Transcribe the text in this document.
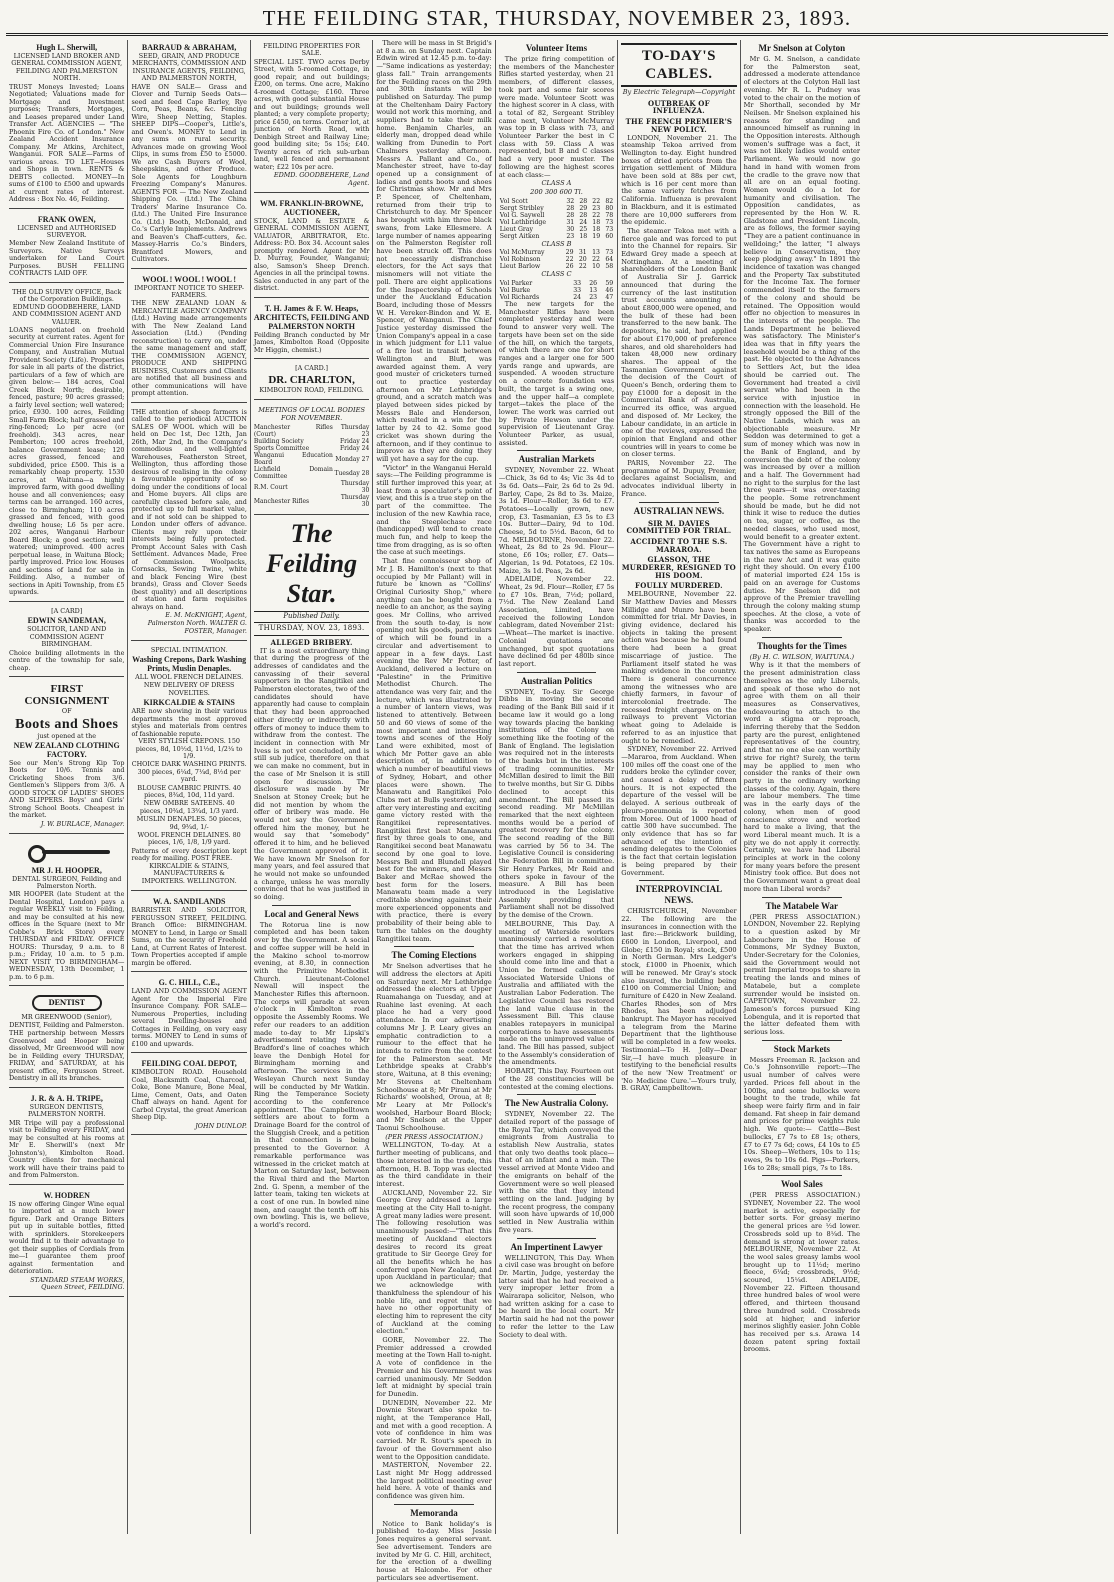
THE FEILDING STAR, THURSDAY, NOVEMBER 23, 1893.
Hugh L. Sherwill,
LICENSED LAND BROKER AND GENERAL COMMISSION AGENT, FEILDING AND PALMERSTON NORTH.
TRUST Moneys Invested; Loans Negotiated; Valuations made for Mortgage and Investment purposes; Transfers, Mortgages, and Leases prepared under Land Transfer Act. AGENCIES — "The Phoenix Fire Co. of London." New Zealand Accident Insurance Company. Mr Atkins, Architect, Wanganui. FOR SALE—Farms of various areas. TO LET—Houses and Shops in town. RENTS & DEBTS collected. MONEY—In sums of £100 to £500 and upwards at current rates of interest. Address : Box No. 46, Feilding.
FRANK OWEN,
LICENSED and AUTHORISED SURVEYOR.
Member New Zealand Institute of Surveyors. Native Surveys undertaken for Land Court Purposes. BUSH FELLING CONTRACTS LAID OFF.
THE OLD SURVEY OFFICE, Back of the Corporation Buildings. EDMUND GOODBEHERE, LAND AND COMMISSION AGENT AND VALUER.
LOANS negotiated on freehold security at current rates. Agent for Commercial Union Fire Insurance Company, and Australian Mutual Provident Society (Life). Properties for sale in all parts of the district, particulars of a few of which are given below:— 184 acres, Coal Creek Block North; desirable, fenced, pasture; 90 acres grassed; a fairly level section; well watered; price, £930. 100 acres, Feilding Small Farm Block; half grassed and ring-fenced; Lo per acre (or freehold). 343 acres, near Pemberton; 100 acres freehold, balance Government lease; 120 acres grassed, fenced and subdivided, price £500. This is a remarkably cheap property. 1530 acres, at Waituna—a highly improved farm, with good dwelling house and all conveniences; easy terms can be arranged. 160 acres, close to Birmingham; 110 acres grassed and fenced, with good dwelling house; L6 5s per acre. 202 acres, Wanganui Harbour Board Block; a good section; well watered; unimproved. 400 acres perpetual lease, in Waituna Block; partly improved. Price low. Houses and sections of land for sale in Feilding. Also, a number of sections in Apiti Township, from £5 upwards.
[A CARD]
EDWIN SANDEMAN,
SOLICITOR, LAND AND COMMISSION AGENT BIRMINGHAM.
Choice building allotments in the centre of the township for sale, cheap.
FIRST CONSIGNMENT
OF
Boots and Shoes
just opened at the
NEW ZEALAND CLOTHING FACTORY.
See our Men's Strong Kip Top Boots for 10/6. Tennis and Cricketing Shoes from 3/6. Gentlemen's Slippers from 3/6. A GOOD STOCK OF LADIES' SHOES AND SLIPPERS. Boys' and Girls' Strong School Boots. Cheapest in the market.
J. W. BURLACE, Manager.
MR J. H. HOOPER,
DENTAL SURGEON, Feilding and Palmerston North.
MR HOOPER (late Student at the Dental Hospital, London) pays a regular WEEKLY visit to Feilding, and may be consulted at his new offices in the Square (next to Mr Cobbe's Brick Store) every THURSDAY and FRIDAY. OFFICE HOURS: Thursday, 9 a.m. to 8 p.m.; Friday, 10 a.m. to 5 p.m. NEXT VISIT TO BIRMINGHAM— WEDNESDAY, 13th December, 1 p.m. to 6 p.m.
DENTIST
MR GREENWOOD (Senior), DENTIST, Feilding and Palmerston.
THE partnership between Messrs Greenwood and Hooper being dissolved, Mr Greenwood will now be in Feilding every THURSDAY, FRIDAY, and SATURDAY, at his present office, Fergusson Street. Dentistry in all its branches.
J. R. & A. H. TRIPE,
SURGEON DENTISTS, PALMERSTON NORTH.
MR Tripe will pay a professional visit to Feilding every FRIDAY, and may be consulted at his rooms at Mr E. Sherwill's (next Mr Johnston's), Kimbolton Road. Country clients for mechanical work will have their trains paid to and from Palmerston.
W. HODREN
IS now offering Ginger Wine equal to imported at a much lower figure. Dark and Orange Bitters put up in suitable bottles, fitted with sprinklers. Storekeepers would find it to their advantage to get their supplies of Cordials from me—I guarantee them proof against fermentation and deterioration.
STANDARD STEAM WORKS, Queen Street, FEILDING.
BARRAUD & ABRAHAM,
SEED, GRAIN, AND PRODUCE MERCHANTS, COMMISSION AND INSURANCE AGENTS, FEILDING, AND PALMERSTON NORTH,
HAVE ON SALE— Grass and Clover and Turnip Seeds Oats—seed and feed Cape Barley, Rye Corn, Peas, Beans, &c. Fencing Wire, Sheep Netting, Staples. SHEEP DIPS—Cooper's, Little's, and Owen's. MONEY to Lend in any sums on rural security. Advances made on growing Wool Clips, in sums from £50 to £5000. We are Cash Buyers of Wool, Sheepskins, and other Produce. Sole Agents for Loughburn Freezing Company's Manures. AGENTS FOR — The New Zealand Shipping Co. (Ltd.) The China Traders' Marine Insurance Co. (Ltd.) The United Fire Insurance Co. (Ltd.) Booth, McDonald, and Co.'s Carlyle Implements. Andrews and Beaven's Chaff-cutters, &c. Massey-Harris Co.'s Binders, Brantford Mowers, and Cultivators.
WOOL ! WOOL ! WOOL !
IMPORTANT NOTICE TO SHEEP-FARMERS.
THE NEW ZEALAND LOAN & MERCANTILE AGENCY COMPANY (Ltd.) Having made arrangements with The New Zealand Land Association (Ltd.) (Pending reconstruction) to carry on, under the same management and staff, THE COMMISSION AGENCY, PRODUCE AND SHIPPING BUSINESS, Customers and Clients are notified that all business and other communications will have prompt attention.
THE attention of sheep farmers is called to the periodical AUCTION SALES OF WOOL which will be held on Dec 1st, Dec 12th, Jan 26th, Mar 2nd, In the Company's commodious and well-lighted Warehouses, Featherston Street, Wellington, thus affording those desirous of realising in the colony a favourable opportunity of so doing under the conditions of local and Home buyers. All clips are carefully classed before sale, and protected up to full market value, and if not sold can be shipped to London under offers of advance. Clients may rely upon their interests being fully protected. Prompt Account Sales with Cash Settlement. Advances Made, Free of Commission. Woolpacks, Cornsacks, Sewing Twine, white and black Fencing Wire (best brands), Grass and Clover Seeds (best quality) and all descriptions of station and farm requisites always on hand.
E. M. McKNIGHT, Agent, Palmerston North. WALTER G. FOSTER, Manager.
SPECIAL INTIMATION.
Washing Crepons, Dark Washing Prints, Muslin Denaples.
ALL WOOL FRENCH DELAINES.
NEW DELIVERY OF DRESS NOVELTIES.
KIRKCALDIE & STAINS
ARE now showing in their various departments the most approved styles and materials from centres of fashionable repute.
VERY STYLISH CREPONS. 150 pieces, 8d, 10½d, 11½d, 1/2¼ to 1/9.
CHOICE DARK WASHING PRINTS. 300 pieces, 6¼d, 7¼d, 8½d per yard.
BLOUSE CAMBRIC PRINTS. 40 pieces, 8¾d, 10d, 11d yard.
NEW OMBRE SATEENS. 40 pieces, 10¾d, 13¾d, 1/3 yard.
MUSLIN DENAPLES. 50 pieces, 9d, 9¾d, 1/-
WOOL FRENCH DELAINES. 80 pieces, 1/6, 1/8, 1/9 yard.
Patterns of every description kept ready for mailing. POST FREE.
KIRKCALDIE & STAINS, MANUFACTURERS & IMPORTERS. WELLINGTON.
W. A. SANDILANDS
BARRISTER AND SOLICITOR, FERGUSSON STREET, FEILDING. Branch Office: BIRMINGHAM. MONEY to Lend, in Large or Small Sums, on the security of Freehold Land, at Current Rates of Interest. Town Properties accepted if ample margin be offered.
G. C. HILL, C.E.,
LAND AND COMMISSION AGENT Agent for the Imperial Fire Insurance Company. FOR SALE—Numerous Properties, including several Dwelling-houses and Cottages in Feilding, on very easy terms. MONEY to Lend in sums of £100 and upwards.
FEILDING COAL DEPOT,
KIMBOLTON ROAD. Household Coal, Blacksmith Coal, Charcoal, Coke, Bone Manure, Bone Meal, Lime, Cement, Oats, and Oaten Chaff always on hand. Agent for Carbol Crystal, the great American Sheep Dip.
JOHN DUNLOP.
FEILDING PROPERTIES FOR SALE.
SPECIAL LIST. TWO acres Derby Street, with 5-roomed Cottage, in good repair, and out buildings; £200, on terms. One acre, Makino 4-roomed Cottage; £160. Three acres, with good substantial House and out buildings; grounds well planted; a very complete property; price £450, on terms. Corner lot, at junction of North Road, with Denbigh Street and Railway Line; good building site; 5s 15s; £40. Twenty acres of rich sub-urban land, well fenced and permanent water; £22 10s per acre.
EDMD. GOODBEHERE, Land Agent.
WM. FRANKLIN-BROWNE, AUCTIONEER,
STOCK, LAND & ESTATE & GENERAL COMMISSION AGENT, VALUATOR, ARBITRATOR, Etc. Address: P.O. Box 34. Account sales promptly rendered. Agent for Mr D. Murray, Founder, Wanganui; also, Samson's Sheep Drench. Agencies in all the principal towns. Sales conducted in any part of the district.
T. H. James & F. W. Heaps, ARCHITECTS, FEILDING AND PALMERSTON NORTH
Feilding Branch conducted by Mr James, Kimbolton Road (Opposite Mr Higgin, chemist.)
[A CARD.]
DR. CHARLTON,
KIMBOLTON ROAD, FEILDING.
MEETINGS OF LOCAL BODIES FOR NOVEMBER.
Manchester Rifles (Court)	Thursday 23
Building Society	Friday 24
Sports Committee	Friday 24
Wanganui Education Board	Monday 27
Lichfield Domain Committee	Tuesday 28
R.M. Court	Thursday 30
Manchester Rifles	Thursday 30
The Feilding Star.
Published Daily.
THURSDAY, NOV. 23, 1893.
ALLEGED BRIBERY.

IT is a most extraordinary thing that during the progress of the addresses of candidates and the canvassing of their several supporters in the Rangitikei and Palmerston electorates, two of the candidates should have apparently had cause to complain that they had been approached either directly or indirectly with offers of money to induce them to withdraw from the contest. The incident in connection with Mr Ivess is not yet concluded, and is still sub judice, therefore on that we can make no comment, but in the case of Mr Snelson it is still open for discussion. The disclosure was made by Mr Snelson at Stoney Creek; but he did not mention by whom the offer of bribery was made. He would not say the Government offered him the money, but he would say that "somebody" offered it to him, and he believed the Government approved of it. We have known Mr Snelson for many years, and feel assured that he would not make so unfounded a charge, unless he was morally convinced that he was justified in so doing.

Local and General News

The Rotorua line is now completed and has been taken over by the Government. A social and coffee supper will be held in the Makino school to-morrow evening, at 8.30, in connection with the Primitive Methodist Church. Lieutenant-Colonel Newall will inspect the Manchester Rifles this afternoon. The corps will parade at seven o'clock in Kimbolton road opposite the Assembly Rooms. We refer our readers to an addition made to-day to Mr Lipski's advertisement relating to Mr Bradford's line of coaches which leave the Denbigh Hotel for Birmingham morning and afternoon. The services in the Wesleyan Church next Sunday will be conducted by Mr Watkin. Ring the Temperance Society according to the conference appointment. The Campbelltown settlers are about to form a Drainage Board for the control of the Sluggish Creek, and a petition in that connection is being presented to the Governor. A remarkable performance was witnessed in the cricket match at Marton on Saturday last, between the Rival third and the Marton 2nd. G. Spenn, a member of the latter team, taking ten wickets at a cost of one run. In bowled nine men, and caught the tenth off his own bowling. This is, we believe, a world's record.

There will be mass in St Brigid's at 8 a.m. on Sunday next. Captain Edwin wired at 12.45 p.m. to-day:—"Same indications as yesterday; glass fall." Train arrangements for the Feilding races on the 29th and 30th instants will be published on Saturday. The pump at the Cheltenham Dairy Factory would not work this morning, and suppliers had to take their milk home. Benjamin Charles, an elderly man, dropped dead while walking from Dunedin to Port Chalmers yesterday afternoon. Messrs A. Pallant and Co., of Manchester street, have to-day opened up a consignment of ladies and gents boots and shoes for Christmas show. Mr and Mrs P. Spencer, of Cheltenham, returned from their trip to Christchurch to day. Mr Spencer has brought with him three black swans, from Lake Ellesmere. A large number of names appearing on the Palmerston Register roll have been struck off. This does not necessarily disfranchise electors, for the Act says that misnomers will not vitiate the poll. There are eight applications for the Inspectorship of Schools under the Auckland Education Board, including those of Messrs W. H. Vereker-Bindon and W. E. Spencer, of Wanganui. The Chief Justice yesterday dismissed the Union Company's appeal in a case in which judgment for L11 value of a fire lost in transit between Wellington and Bluff, was awarded against them. A very good muster of cricketers turned out to practice yesterday afternoon on Mr Lethbridge's ground, and a scratch match was played between sides picked by Messrs Bale and Henderson, which resulted in a win for the latter by 24 to 42. Some good cricket was shown during the afternoon, and if they continue to improve as they are doing they will yet have a say for the cup.

"Victor" in the Wanganui Herald says:—The Feilding programme is still further improved this year, at least from a speculator's point of view, and this is a true step on the part of the committee. The inclusion of the new Kawhia race, and the Steeplechase race (handicapped) will tend to create much fun, and help to keep the time from dragging, as is so often the case at such meetings.

That fine connoisseur shop of Mr J. B. Hamilton's (next to that occupied by Mr Pallant) will in future be known as "Collins' Original Curiosity Shop," where anything can be bought from a needle to an anchor, as the saying goes. Mr Collins, who arrived from the south to-day, is now opening out his goods, particulars of which will be found in a circular and advertisement to appear in a few days. Last evening the Rev Mr Potter, of Auckland, delivered a lecture on "Palestine" in the Primitive Methodist Church. The attendance was very fair, and the lecture, which was illustrated by a number of lantern views, was listened to attentively. Between 50 and 60 views of some of the most important and interesting towns and scenes of the Holy Land were exhibited, most of which Mr Potter gave an able description of, in addition to which a number of beautiful views of Sydney, Hobart, and other places were shown. The Manawatu and Rangitikei Polo Clubs met at Bulls yesterday, and after very interesting and exciting game victory rested with the Rangitikei representatives. Rangitikei first beat Manawatu first by three goals to one, and Rangitikei second beat Manawatu second by one goal to love. Messrs Bell and Blundell played best for the winners, and Messrs Baker and McRae showed the best form for the losers. Manawatu team made a very creditable showing against their more experienced opponents and with practice, there is every probability of their being able to turn the tables on the doughty Rangitikei team.

The Coming Elections

Mr Snelson advertises that he will address the electors at Apiti on Saturday next. Mr Lethbridge addressed the electors at Upper Ruamahanga on Tuesday, and at Ruahine last evening. At each place he had a very good attendance. In our advertising columns Mr J. P. Leary gives an emphatic contradiction to a rumour to the effect that he intends to retire from the contest for the Palmerston seat. Mr Lethbridge speaks at Crabb's store, Waituna, at 8 this evening; Mr Stevens at Cheltenham Schoolhouse at 8; Mr Pirani at Mr Richards' woolshed, Oroua, at 8; Mr Leary at Mr Pollock's woolshed, Harbour Board Block; and Mr Snelson at the Upper Taonui Schoolhouse.

(PER PRESS ASSOCIATION.)

WELLINGTON, To-day. At a further meeting of publicans, and those interested in the trade, this afternoon, H. B. Topp was elected as the third candidate in their interest.

AUCKLAND, November 22. Sir George Grey addressed a large meeting at the City Hall to-night. A great many ladies were present. The following resolution was unanimously passed:—"That this meeting of Auckland electors desires to record its great gratitude to Sir George Grey for all the benefits which he has conferred upon New Zealand, and upon Auckland in particular; that we acknowledge with thankfulness the splendour of his noble life, and regret that we have no other opportunity of electing him to represent the city of Auckland at the coming election."

GORE, November 22. The Premier addressed a crowded meeting at the Town Hall to-night. A vote of confidence in the Premier and his Government was carried unanimously. Mr Seddon left at midnight by special train for Dunedin.

DUNEDIN, November 22. Mr Downie Stewart also spoke to-night, at the Temperance Hall, and met with a good reception. A vote of confidence in him was carried. Mr R. Stout's speech in favour of the Government also went to the Opposition candidate.

MASTERTON, November 22. Last night Mr Hogg addressed the largest political meeting ever held here. A vote of thanks and confidence was given him.

Memoranda

Notice to Bank holiday's is published to-day. Miss Jessie Jones requires a general servant. See advertisement. Tenders are invited by Mr G. C. Hill, architect, for the erection of a dwelling house at Halcombe. For other particulars see advertisement.

Volunteer Items

The prize firing competition of the members of the Manchester Rifles started yesterday, when 21 members, of different classes, took part and some fair scores were made. Volunteer Scott was the highest scorer in A class, with a total of 82, Sergeant Stribley came next, Volunteer McMurray was top in B class with 73, and Volunteer Parker the best in C class with 59. Class A was represented, but B and C classes had a very poor muster. The following are the highest scores at each class:—

CLASS A
200 300 600 Tl.
Vol Scott	32	28	22	82
Sergt Stribley	28	29	23	80
Vol G. Saywell	28	28	22	78
Vol Lethbridge	31	24	18	73
Lieut Gray	30	25	18	73
Sergt Aitken	23	18	19	60
CLASS B
Vol McMurray	29	31	13	73
Vol Robinson	22	20	22	64
Lieut Barlow	26	22	10	58
CLASS C
Vol Parker	33	26	59
Vol Burke	33	13	46
Vol Richards	24	23	47

The new targets for the Manchester Rifles have been completed yesterday and were found to answer very well. The targets have been set on the side of the hill, on which the targets, of which there are one for short ranges and a larger one for 500 yards range and upwards, are suspended. A wooden structure on a concrete foundation was built, the target is a swing one, and the upper half—a complete target—takes the place of the lower. The work was carried out by Private Hewson under the supervision of Lieutenant Gray. Volunteer Parker, as usual, assisted.

Australian Markets

SYDNEY, November 22. Wheat—Chick, 3s 6d to 4s; Vic 3s 4d to 3s 6d. Oats—Fair, 2s 6d to 2s 9d. Barley, Cape, 2s 8d to 3s. Maize, 3s 1d. Flour—Roller, 3s 6d to £7. Potatoes—Locally grown, new crop, £3. Tasmanian, £3 5s to £3 10s. Butter—Dairy, 9d to 10d. Cheese, 5d to 5½d. Bacon, 6d to 7d. MELBOURNE, November 22. Wheat, 2s 8d to 2s 9d. Flour—stone, £6 10s; roller, £7. Oats—Algerian, 1s 9d. Potatoes, £2 10s. Maize, 3s 1d. Peas, 2s 6d.

ADELAIDE, November 22. Wheat, 2s 9d. Flour—Roller, £7 5s to £7 10s. Bran, 7½d; pollard, 7½d. The New Zealand Land Association, Limited, have received the following London cablegram, dated November 21st:—Wheat—The market is inactive. Colonial quotations are unchanged, but spot quotations have declined 6d per 480lb since last report.

Australian Politics

SYDNEY, To-day. Sir George Dibbs in moving the second reading of the Bank Bill said if it became law it would go a long way towards placing the banking institutions of the Colony on something like the footing of the Bank of England. The legislation was required not in the interests of the banks but in the interests of trading communities. Mr McMillan desired to limit the Bill to twelve months, but Sir G. Dibbs declined to accept this amendment. The Bill passed its second reading. Mr McMillan remarked that the next eighteen months would be a period of greatest recovery for the colony. The second reading of the Bill was carried by 56 to 34. The Legislative Council is considering the Federation Bill in committee. Sir Henry Parkes, Mr Reid and others spoke in favour of the measure. A Bill has been introduced in the Legislative Assembly providing that Parliament shall not be dissolved by the demise of the Crown.

MELBOURNE, This Day. A meeting of Waterside workers unanimously carried a resolution that the time has arrived when workers engaged in shipping should come into line and that a Union be formed called the Associated Waterside Unions of Australia and affiliated with the Australian Labor Federation. The Legislative Council has restored the land value clause in the Assessment Bill. This clause enables ratepayers in municipal corporations to have assessments made on the unimproved value of land. The Bill has passed, subject to the Assembly's consideration of the amendments.

HOBART, This Day. Fourteen out of the 28 constituencies will be contested at the coming elections.

The New Australia Colony.

SYDNEY, November 22. The detailed report of the passage of the Royal Tar, which conveyed the emigrants from Australia to establish New Australia, states that only two deaths took place—that of an infant and a man. The vessel arrived at Monte Video and the emigrants on behalf of the Government were so well pleased with the site that they intend settling on the land. Judging by the recent progress, the company will soon have upwards of 10,000 settled in New Australia within five years.

An Impertinent Lawyer

WELLINGTON, This Day. When a civil case was brought on before Dr. Martin, Judge, yesterday the latter said that he had received a very improper letter from a Wairarapa solicitor, Nelson, who had written asking for a case to be heard in the local court. Mr Martin said he had not the power to refer the letter to the Law Society to deal with.

TO-DAY'S CABLES.
By Electric Telegraph—Copyright
OUTBREAK OF INFLUENZA.
THE FRENCH PREMIER'S NEW POLICY.

LONDON, November 21. The steamship Tekoa arrived from Wellington to-day. Eight hundred boxes of dried apricots from the irrigation settlement of Mildura have been sold at 88s per cwt, which is 16 per cent more than the same variety fetches from California. Influenza is prevalent in Blackburn, and it is estimated there are 10,000 sufferers from the epidemic.

The steamer Tekoa met with a fierce gale and was forced to put into the Channel for repairs. Sir Edward Grey made a speech at Nottingham. At a meeting of shareholders of the London Bank of Australia Sir J. Garrick announced that during the currency of the last institution trust accounts amounting to about £800,000 were opened, and the bulk of these had been transferred to the new bank. The depositors, he said, had applied for about £170,000 of preference shares, and old shareholders had taken 48,000 new ordinary shares. The appeal of the Tasmanian Government against the decision of the Court of Queen's Bench, ordering them to pay £1000 for a deposit in the Commercial Bank of Australia, incurred its office, was argued and disposed of. Mr Leckey, the Labour candidate, in an article in one of the reviews, expressed the opinion that England and other countries will in years to come be on closer terms.

PARIS, November 22. The programme of M. Dupuy, Premier, declares against Socialism, and advocates individual liberty in France.

AUSTRALIAN NEWS.
SIR M. DAVIES COMMITTED FOR TRIAL.
ACCIDENT TO THE S.S. MARAROA.
GLASSON, THE MURDERER, RESIGNED TO HIS DOOM.
FOULLY MURDERED.

MELBOURNE, November 22. Sir Matthew Davies and Messrs Millidge and Munro have been committed for trial. Mr Davies, in giving evidence, declared his objects in taking the present action was because he had found there had been a great miscarriage of justice. The Parliament itself stated he was making evidence in the country. There is general concurrence among the witnesses who are chiefly farmers, in favour of intercolonial freetrade. The recessed freight charges on the railways to prevent Victorian wheat going to Adelaide is referred to as an injustice that ought to be remedied.

SYDNEY, November 22. Arrived—Mararoa, from Auckland. When 100 miles off the coast one of the rudders broke the cylinder cover, and caused a delay of fifteen hours. It is not expected the departure of the vessel will be delayed. A serious outbreak of pleuro-pneumonia is reported from Moree. Out of 1000 head of cattle 300 have succumbed. The only evidence that has so far advanced of the intention of sending delegates to the Colonies is the fact that certain legislation is being prepared by their Government.

INTERPROVINCIAL NEWS.

CHRISTCHURCH, November 22. The following are the insurances in connection with the last fire:—Brickwork building, £600 in London, Liverpool, and Globe; £150 in Royal; stock, £500 in North German. Mrs Ledger's stock, £1000 in Phoenix, which will be renewed. Mr Gray's stock also insured, the building being £100 on Commercial Union; and furniture of £420 in New Zealand. Charles Rhodes, son of Mrs Rhodes, has been adjudged bankrupt. The Mayor has received a telegram from the Marine Department that the lighthouse will be completed in a few weeks. Testimonial—To H. Jolly—Dear Sir,—I have much pleasure in testifying to the beneficial results of the new 'New Treatment' or 'No Medicine Cure.'—Yours truly, B. GRAY, Campbelltown.

Mr Snelson at Colyton

Mr G. M. Snelson, a candidate for the Palmerston seat, addressed a moderate attendance of electors at the Colyton Hall last evening. Mr R. L. Pudney was voted to the chair on the motion of Mr Shorthall, seconded by Mr Neilsen. Mr Snelson explained his reasons for standing and announced himself as running in the Opposition interests. Although women's suffrage was a fact, it was not likely ladies would enter Parliament. We would now go hand in hand with women from the cradle to the grave now that all are on an equal footing. Women would do a lot for humanity and civilisation. The Opposition candidates, as represented by the Hon W. R. Gladstone and President Lincoln, are as follows, the former saying "They are a patient continuance in welldoing;" the latter, "I always believe in Conservatism, they keep plodging away." In 1891 the incidence of taxation was changed and the Property Tax substituted for the Income Tax. The former commended itself to the farmers of the colony and should be retained. The Opposition would offer no objection to measures in the interests of the people. The Lands Department he believed was satisfactory. The Minister's idea was that in fifty years the leasehold would be a thing of the past. He objected to the Advances to Settlers Act, but the idea should be carried out. The Government had treated a civil servant who had been in the service with injustice in connection with the leasehold. He strongly opposed the Bill of the Native Lands, which was an objectionable measure. Mr Seddon was determined to get a sum of money which was now in the Bank of England, and by conversion the debt of the colony was increased by over a million and a half. The Government had no right to the surplus for the last three years—it was over-taxing the people. Some retrenchment should be made, but he did not think it wise to reduce the duties on tea, sugar, or coffee, as the needed classes, who used most, would benefit to a greater extent. The Government have a right to tax natives the same as Europeans in the new Act and it was quite right they should. On every £100 of material imported £24 15s is paid on an average for Customs duties. Mr Snelson did not approve of the Premier travelling through the colony making stump speeches. At the close, a vote of thanks was accorded to the speaker.

Thoughts for the Times
(By H. C. WILSON, WAITUNA.)

Why is it that the members of the present administration class themselves as the only Liberals, and speak of those who do not agree with them on all their measures as Conservatives, endeavouring to attach to the word a stigma or reproach, inferring thereby that the Seddon party are the purest, enlightened representatives of the country, and that no one else can worthily strive for right? Surely, the term may be applied to men who consider the ranks of their own party in the ordinary working classes of the colony. Again, there are labour members. The time was in the early days of the colony, when men of good conscience strove and worked hard to make a living, that the word Liberal meant much. It is a pity we do not apply it correctly. Certainly, we have had Liberal principles at work in the colony for many years before the present Ministry took office. But does not the Government want a great deal more than Liberal words?

The Matabele War

(PER PRESS ASSOCIATION.) LONDON, November 22. Replying to a question asked by Mr Labouchere in the House of Commons, Mr Sydney Buxton, Under-Secretary for the Colonies, said the Government would not permit Imperial troops to share in treating the lands and mines of Matabele, but a complete surrender would be insisted on. CAPETOWN, November 22. Jameson's forces pursued King Lobengula, and it is reported that the latter defeated them with serious loss.

Stock Markets

Messrs Freeman R. Jackson and Co.'s Johnsonville report:—The usual number of calves were yarded. Prices fell about in the 100lbs, and some bullocks were bought to the trade, while fat sheep were fairly firm and in fair demand. Fat sheep in fair demand and prices for prime weights rule high. We quote:— Cattle—Best bullocks, £7 7s to £8 1s; others, £7 to £7 7s 6d; cows, £4 10s to £5 10s. Sheep—Wethers, 10s to 11s; ewes, 9s to 10s 6d. Pigs—Porkers, 16s to 28s; small pigs, 7s to 18s.

Wool Sales

(PER PRESS ASSOCIATION.) SYDNEY, November 22. The wool market is active, especially for better sorts. For greasy merino the general prices are ½d lower. Crossbreds sold up to 8¼d. The demand is strong at lower rates. MELBOURNE, November 22. At the wool sales greasy lambs wool brought up to 11½d; merino fleece, 6¼d; crossbreds, 9½d; scoured, 15¼d. ADELAIDE, November 22. Fifteen thousand three hundred bales of wool were offered, and thirteen thousand three hundred sold. Crossbreds sold at higher, and inferior merinos slightly easier. John Coble has received per s.s. Arawa 14 dozen patent spring foxtail brooms.
